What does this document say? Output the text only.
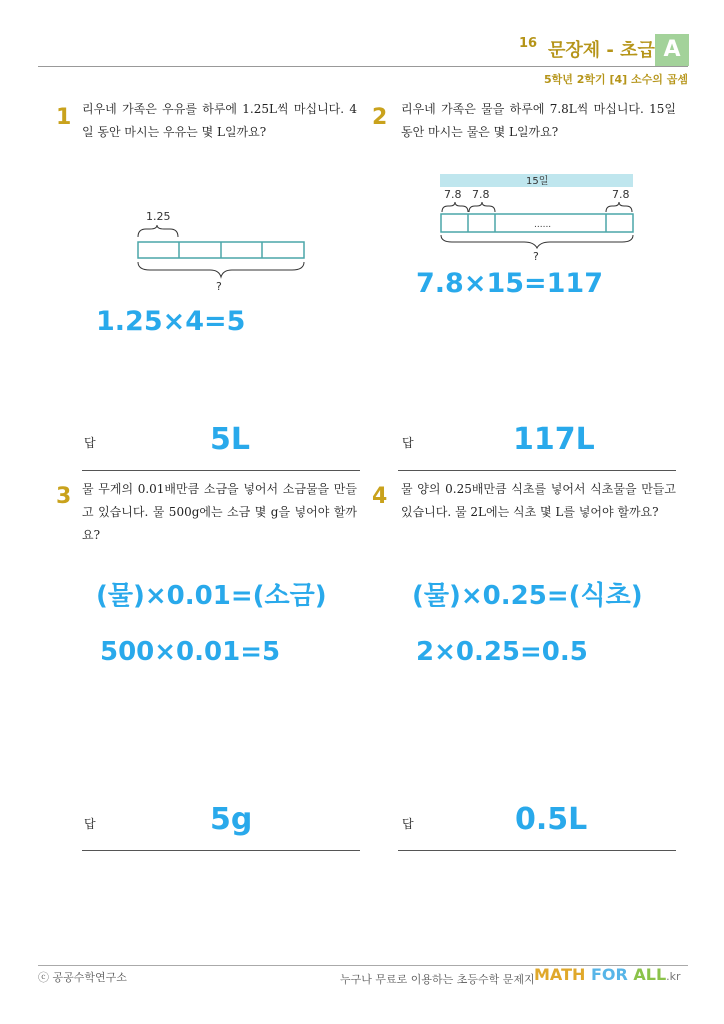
16 문장제 - 초급 A
5학년 2학기 [4] 소수의 곱셈
1 리우네 가족은 우유를 하루에 1.25L씩 마십니다. 4일 동안 마시는 우유는 몇 L일까요?
1.25
?
1.25×4=5
답	5L
2 리우네 가족은 물을 하루에 7.8L씩 마십니다. 15일 동안 마시는 물은 몇 L일까요?
15일
7.8 7.8	7.8
......
?
7.8×15=117
답	117L
3 물 무게의 0.01배만큼 소금을 넣어서 소금물을 만들고 있습니다. 물 500g에는 소금 몇 g을 넣어야 할까요?
(물)×0.01=(소금)
500×0.01=5
답	5g
4 물 양의 0.25배만큼 식초를 넣어서 식초물을 만들고 있습니다. 물 2L에는 식초 몇 L를 넣어야 할까요?
(물)×0.25=(식초)
2×0.25=0.5
답	0.5L
ⓒ 공공수학연구소	누구나 무료로 이용하는 초등수학 문제지 MATH FOR ALL.kr
